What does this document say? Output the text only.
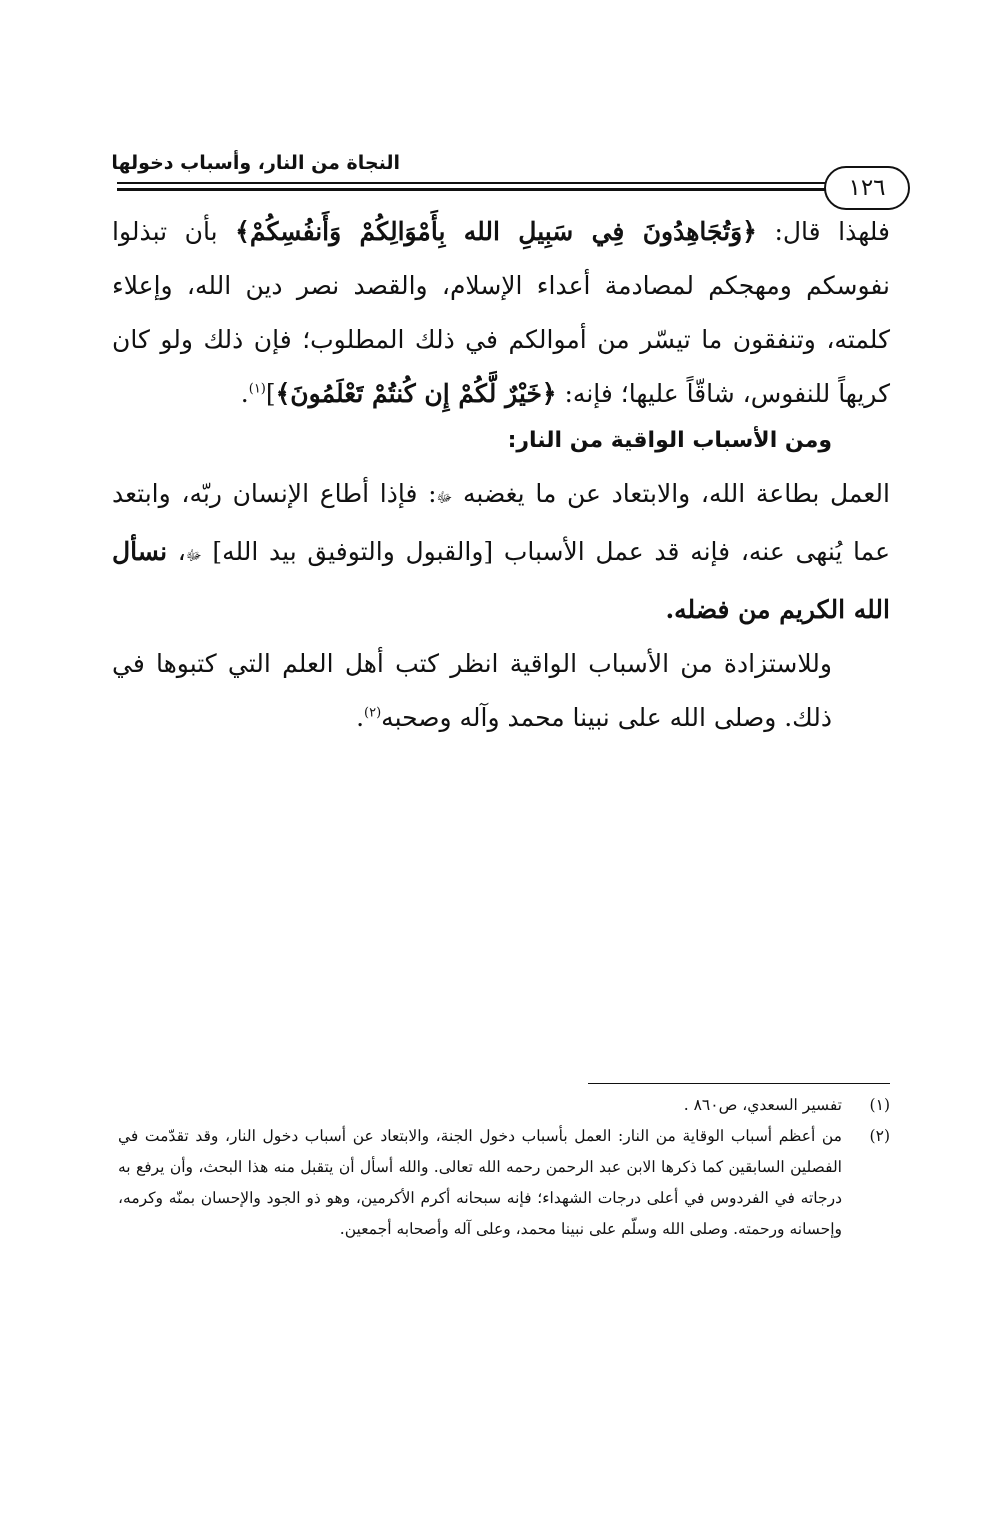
النجاة من النار، وأسباب دخولها
١٢٦

فلهذا قال: ﴿وَتُجَاهِدُونَ فِي سَبِيلِ الله بِأَمْوَالِكُمْ وَأَنفُسِكُمْ﴾ بأن تبذلوا نفوسكم ومهجكم لمصادمة أعداء الإسلام، والقصد نصر دين الله، وإعلاء كلمته، وتنفقون ما تيسّر من أموالكم في ذلك المطلوب؛ فإن ذلك ولو كان كريهاً للنفوس، شاقّاً عليها؛ فإنه: ﴿خَيْرٌ لَّكُمْ إِن كُنتُمْ تَعْلَمُونَ﴾]$^{(١)}$.

ومن الأسباب الواقية من النار:

العمل بطاعة الله، والابتعاد عن ما يغضبه ﷻ: فإذا أطاع الإنسان ربّه، وابتعد عما يُنهى عنه، فإنه قد عمل الأسباب [والقبول والتوفيق بيد الله] ﷻ، نسأل الله الكريم من فضله.

وللاستزادة من الأسباب الواقية انظر كتب أهل العلم التي كتبوها في ذلك. وصلى الله على نبينا محمد وآله وصحبه$^{(٢)}$.

(١)
تفسير السعدي، ص٨٦٠ .
(٢)
من أعظم أسباب الوقاية من النار: العمل بأسباب دخول الجنة، والابتعاد عن أسباب دخول النار، وقد تقدّمت في الفصلين السابقين كما ذكرها الابن عبد الرحمن رحمه الله تعالى. والله أسأل أن يتقبل منه هذا البحث، وأن يرفع به درجاته في الفردوس في أعلى درجات الشهداء؛ فإنه سبحانه أكرم الأكرمين، وهو ذو الجود والإحسان بمنّه وكرمه، وإحسانه ورحمته. وصلى الله وسلّم على نبينا محمد، وعلى آله وأصحابه أجمعين.
